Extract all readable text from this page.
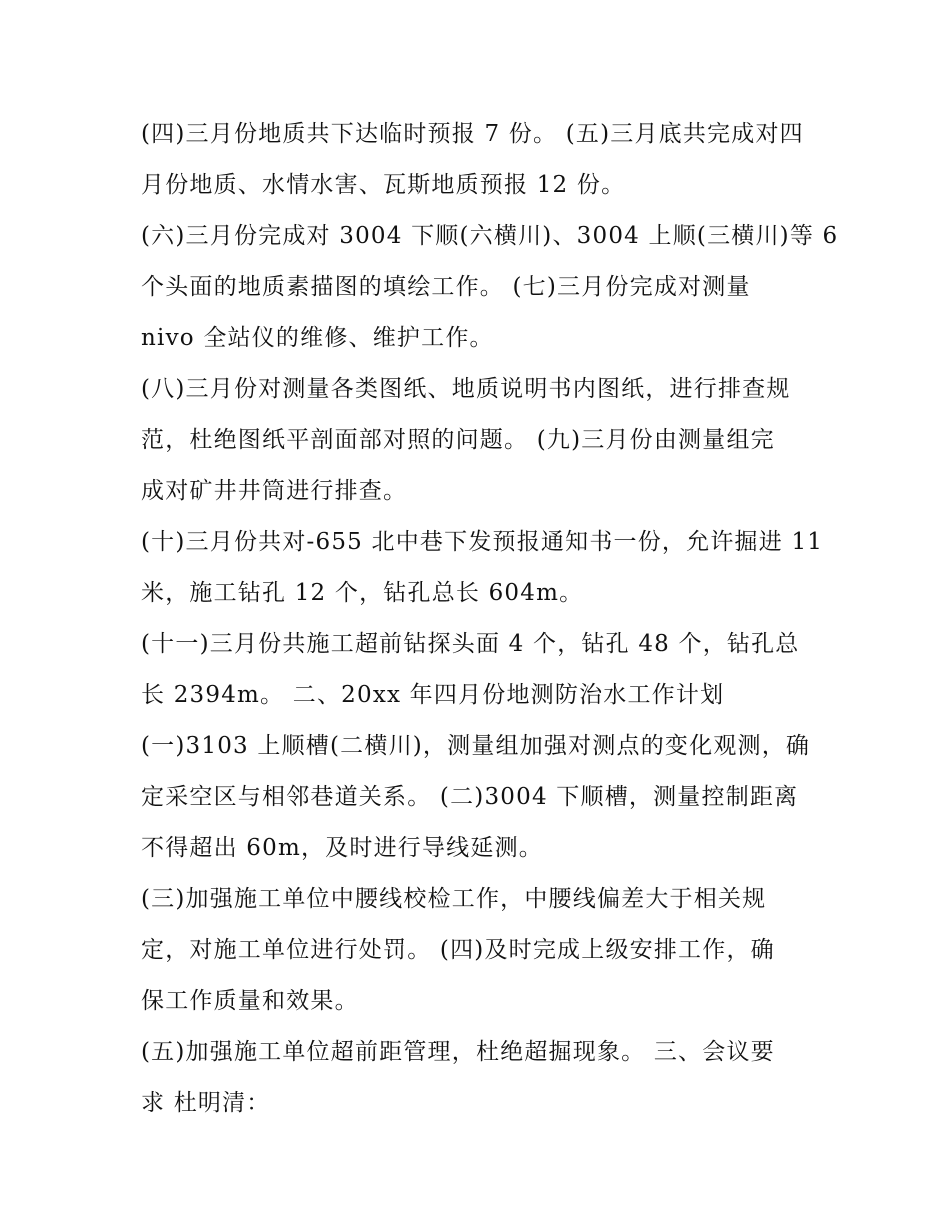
(四)三月份地质共下达临时预报 7 份。 (五)三月底共完成对四
月份地质、水情水害、瓦斯地质预报 12 份。
(六)三月份完成对 3004 下顺(六横川)、3004 上顺(三横川)等 6
个头面的地质素描图的填绘工作。 (七)三月份完成对测量
nivo 全站仪的维修、维护工作。
(八)三月份对测量各类图纸、地质说明书内图纸，进行排查规
范，杜绝图纸平剖面部对照的问题。 (九)三月份由测量组完
成对矿井井筒进行排查。
(十)三月份共对-655 北中巷下发预报通知书一份，允许掘进 11
米，施工钻孔 12 个，钻孔总长 604m。
(十一)三月份共施工超前钻探头面 4 个，钻孔 48 个，钻孔总
长 2394m。 二、20xx 年四月份地测防治水工作计划
(一)3103 上顺槽(二横川)，测量组加强对测点的变化观测，确
定采空区与相邻巷道关系。 (二)3004 下顺槽，测量控制距离
不得超出 60m，及时进行导线延测。
(三)加强施工单位中腰线校检工作，中腰线偏差大于相关规
定，对施工单位进行处罚。 (四)及时完成上级安排工作，确
保工作质量和效果。
(五)加强施工单位超前距管理，杜绝超掘现象。 三、会议要
求 杜明清：
